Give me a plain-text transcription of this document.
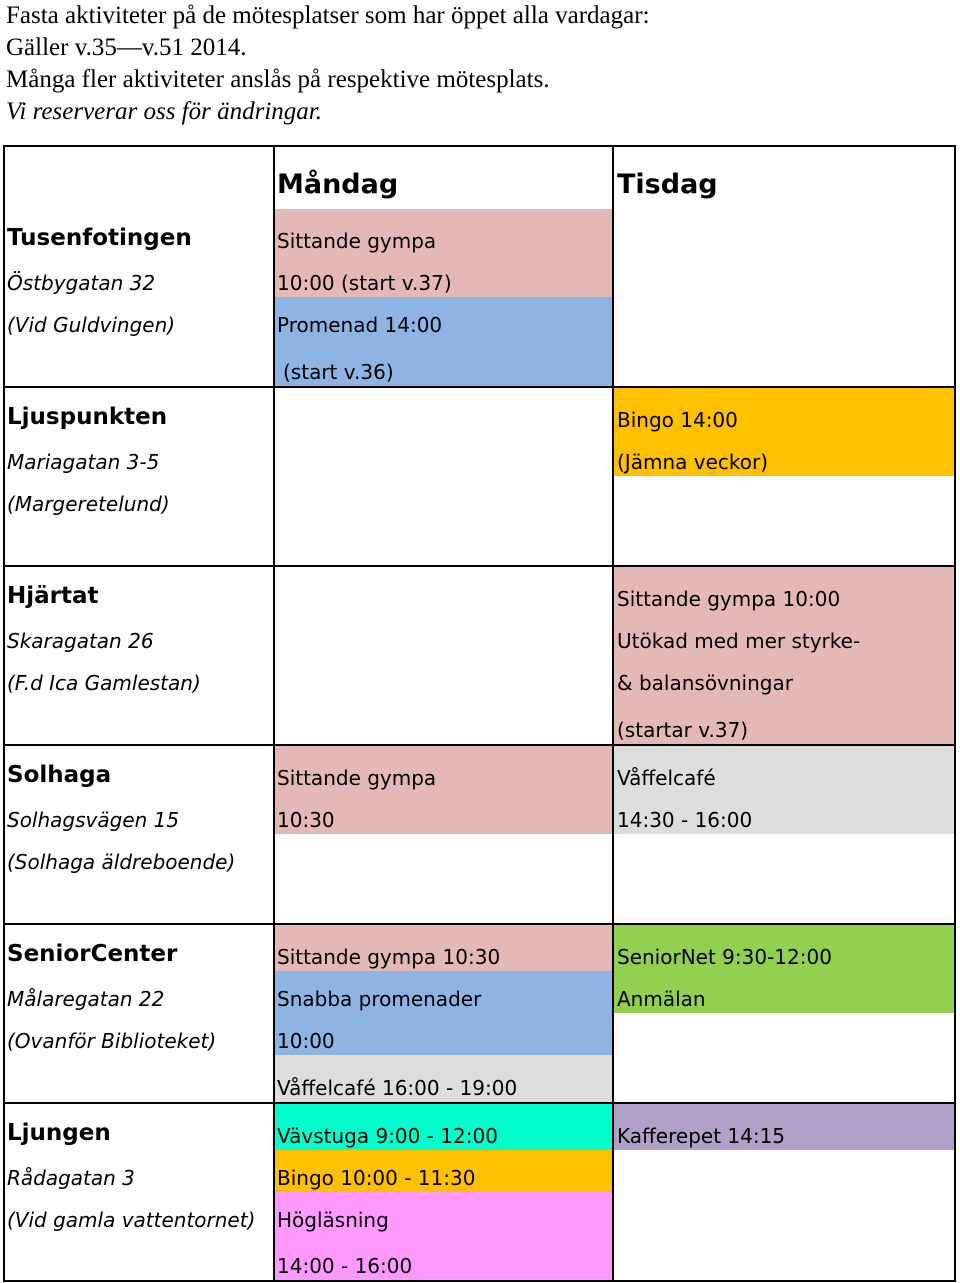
Fasta aktiviteter på de mötesplatser som har öppet alla vardagar:
Gäller v.35—v.51 2014.
Många fler aktiviteter anslås på respektive mötesplats.
Vi reserverar oss för ändringar.
Måndag	Tisdag
Tusenfotingen
Östbygatan 32
(Vid Guldvingen)
Sittande gympa
10:00 (start v.37)
Promenad 14:00
(start v.36)
Ljuspunkten
Mariagatan 3-5
(Margeretelund)
Bingo 14:00
(Jämna veckor)
Hjärtat
Skaragatan 26
(F.d Ica Gamlestan)
Sittande gympa 10:00
Utökad med mer styrke-
& balansövningar
(startar v.37)
Solhaga
Solhagsvägen 15
(Solhaga äldreboende)
Sittande gympa
10:30
Våffelcafé
14:30 - 16:00
SeniorCenter
Målaregatan 22
(Ovanför Biblioteket)
Sittande gympa 10:30
Snabba promenader
10:00
Våffelcafé 16:00 - 19:00
SeniorNet 9:30-12:00
Anmälan
Ljungen
Rådagatan 3
(Vid gamla vattentornet)
Vävstuga 9:00 - 12:00
Bingo 10:00 - 11:30
Högläsning
14:00 - 16:00
Kafferepet 14:15
